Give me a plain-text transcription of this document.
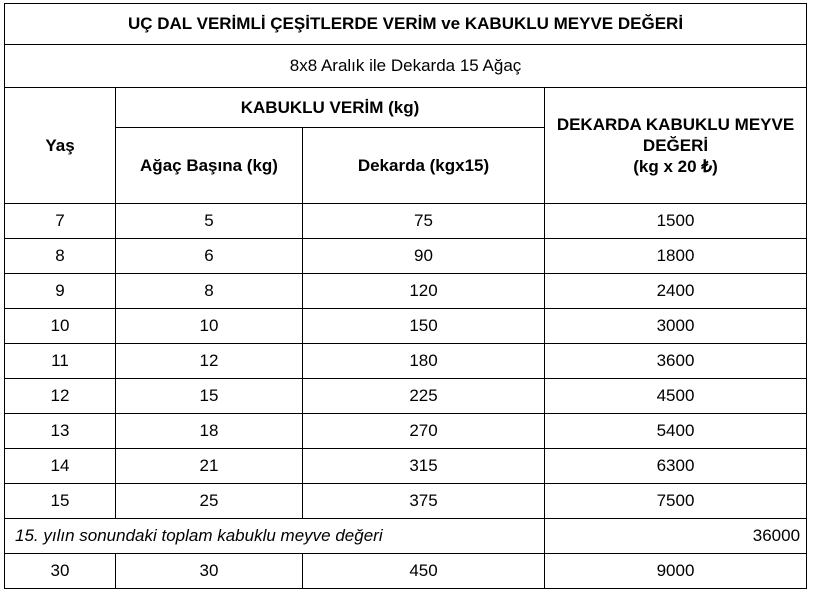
UÇ DAL VERİMLİ ÇEŞİTLERDE VERİM ve KABUKLU MEYVE DEĞERİ			
8x8 Aralık ile Dekarda 15 Ağaç			
Yaş	KABUKLU VERİM (kg)		DEKARDA KABUKLU MEYVE
DEĞERİ
(kg x 20 ₺)

	Ağaç Başına (kg)	Dekarda (kgx15)	
7	5	75	1500
8	6	90	1800
9	8	120	2400
10	10	150	3000
11	12	180	3600
12	15	225	4500
13	18	270	5400
14	21	315	6300
15	25	375	7500
15. yılın sonundaki toplam kabuklu meyve değeri			36000
30	30	450	9000
